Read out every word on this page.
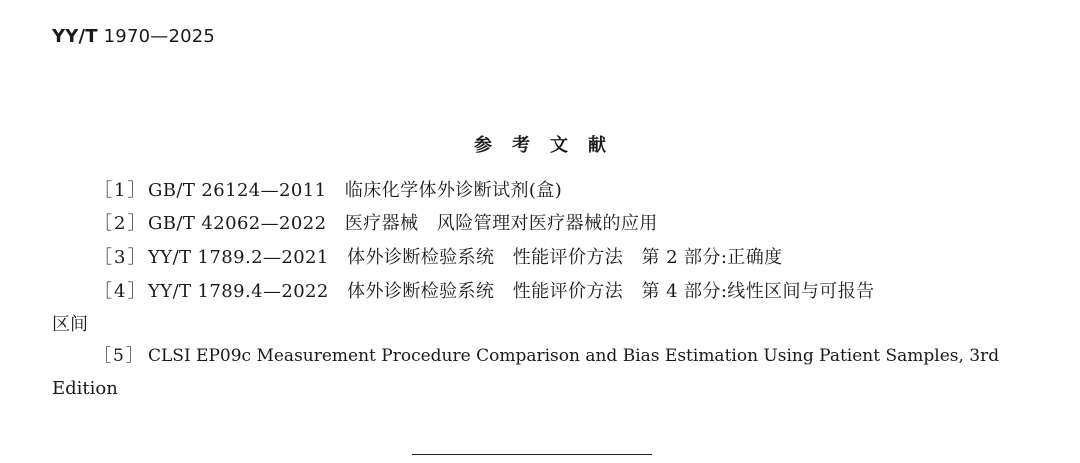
YY/T 1970—2025
参考文献
［1］GB/T 26124—2011　临床化学体外诊断试剂(盒)
［2］GB/T 42062—2022　医疗器械　风险管理对医疗器械的应用
［3］YY/T 1789.2—2021　体外诊断检验系统　性能评价方法　第 2 部分:正确度
［4］YY/T 1789.4—2022　体外诊断检验系统　性能评价方法　第 4 部分:线性区间与可报告
区间
［5］ CLSI EP09c Measurement Procedure Comparison and Bias Estimation Using Patient Samples, 3rd
Edition
